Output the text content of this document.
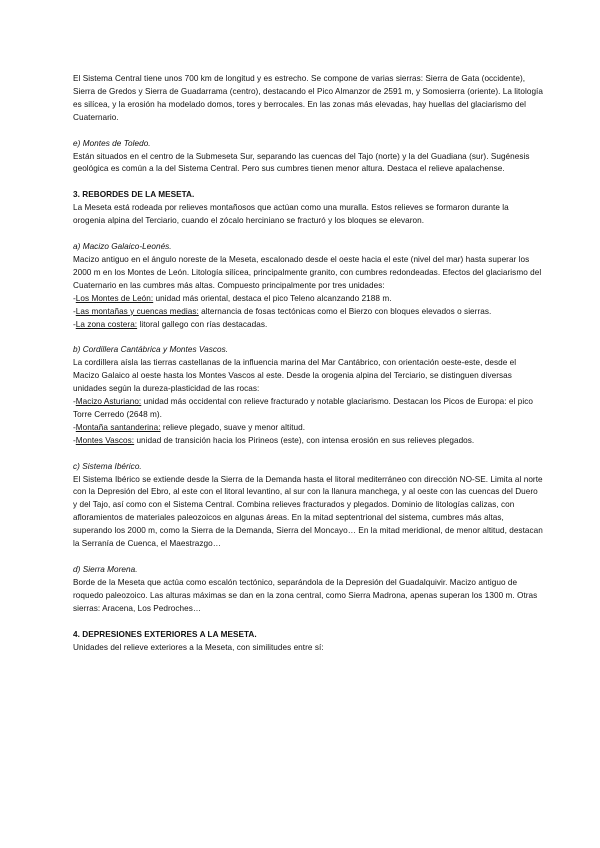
El Sistema Central tiene unos 700 km de longitud y es estrecho. Se compone de varias sierras: Sierra de Gata (occidente), Sierra de Gredos y Sierra de Guadarrama (centro), destacando el Pico Almanzor de 2591 m, y Somosierra (oriente). La litología es silícea, y la erosión ha modelado domos, tores y berrocales. En las zonas más elevadas, hay huellas del glaciarismo del Cuaternario.

e) Montes de Toledo.

Están situados en el centro de la Submeseta Sur, separando las cuencas del Tajo (norte) y la del Guadiana (sur). Sugénesis geológica es común a la del Sistema Central. Pero sus cumbres tienen menor altura. Destaca el relieve apalachense.

3. REBORDES DE LA MESETA.

La Meseta está rodeada por relieves montañosos que actúan como una muralla. Estos relieves se formaron durante la orogenia alpina del Terciario, cuando el zócalo herciniano se fracturó y los bloques se elevaron.

a) Macizo Galaico-Leonés.

Macizo antiguo en el ángulo noreste de la Meseta, escalonado desde el oeste hacia el este (nivel del mar) hasta superar los 2000 m en los Montes de León. Litología silícea, principalmente granito, con cumbres redondeadas. Efectos del glaciarismo del Cuaternario en las cumbres más altas. Compuesto principalmente por tres unidades:

-Los Montes de León: unidad más oriental, destaca el pico Teleno alcanzando 2188 m.

-Las montañas y cuencas medias: alternancia de fosas tectónicas como el Bierzo con bloques elevados o sierras.

-La zona costera: litoral gallego con rías destacadas.

b) Cordillera Cantábrica y Montes Vascos.

La cordillera aísla las tierras castellanas de la influencia marina del Mar Cantábrico, con orientación oeste-este, desde el Macizo Galaico al oeste hasta los Montes Vascos al este. Desde la orogenia alpina del Terciario, se distinguen diversas unidades según la dureza-plasticidad de las rocas:

-Macizo Asturiano: unidad más occidental con relieve fracturado y notable glaciarismo. Destacan los Picos de Europa: el pico Torre Cerredo (2648 m).

-Montaña santanderina: relieve plegado, suave y menor altitud.

-Montes Vascos: unidad de transición hacia los Pirineos (este), con intensa erosión en sus relieves plegados.

c) Sistema Ibérico.

El Sistema Ibérico se extiende desde la Sierra de la Demanda hasta el litoral mediterráneo con dirección NO-SE. Limita al norte con la Depresión del Ebro, al este con el litoral levantino, al sur con la llanura manchega, y al oeste con las cuencas del Duero y del Tajo, así como con el Sistema Central. Combina relieves fracturados y plegados. Dominio de litologías calizas, con afloramientos de materiales paleozoicos en algunas áreas. En la mitad septentrional del sistema, cumbres más altas, superando los 2000 m, como la Sierra de la Demanda, Sierra del Moncayo… En la mitad meridional, de menor altitud, destacan la Serranía de Cuenca, el Maestrazgo…

d) Sierra Morena.

Borde de la Meseta que actúa como escalón tectónico, separándola de la Depresión del Guadalquivir. Macizo antiguo de roquedo paleozoico. Las alturas máximas se dan en la zona central, como Sierra Madrona, apenas superan los 1300 m. Otras sierras: Aracena, Los Pedroches…

4. DEPRESIONES EXTERIORES A LA MESETA.

Unidades del relieve exteriores a la Meseta, con similitudes entre sí:
